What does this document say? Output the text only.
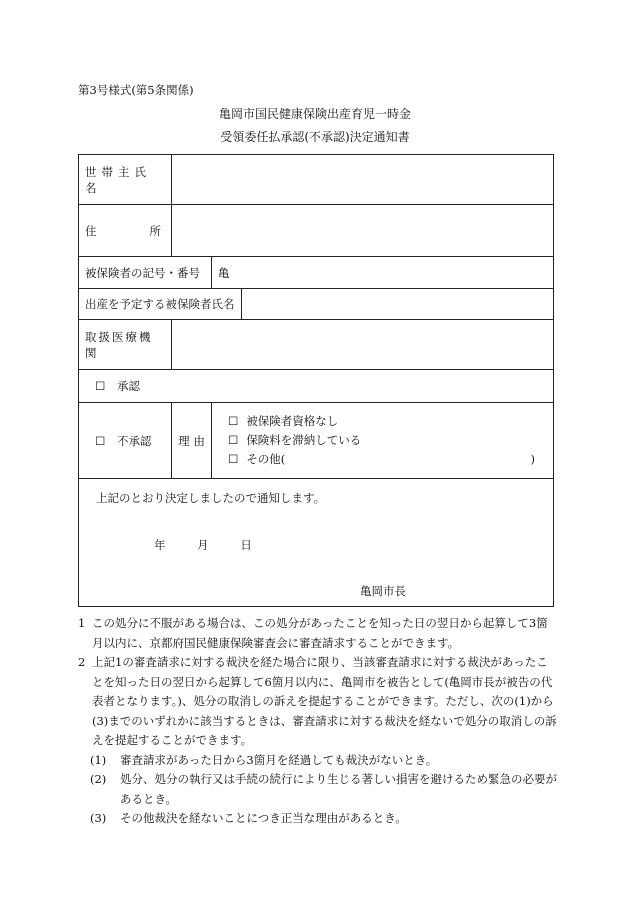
第3号様式(第5条関係)
亀岡市国民健康保険出産育児一時金
受領委任払承認(不承認)決定通知書
世帯主氏名			

住 所			

被保険者の記号・番号		亀	
出産を予定する被保険者氏名			
取扱医療機関			
☐ 承認			
☐ 不承認	理 由	☐ 被保険者資格なし
☐ 保険料を滞納している
☐ その他( )	

上記のとおり決定しましたので通知します。
年	月	日
亀岡市長
1 この処分に不服がある場合は、この処分があったことを知った日の翌日から起算して3箇月以内に、京都府国民健康保険審査会に審査請求することができます。
2 上記1の審査請求に対する裁決を経た場合に限り、当該審査請求に対する裁決があったことを知った日の翌日から起算して6箇月以内に、亀岡市を被告として(亀岡市長が被告の代表者となります。)、処分の取消しの訴えを提起することができます。ただし、次の(1)から(3)までのいずれかに該当するときは、審査請求に対する裁決を経ないで処分の取消しの訴えを提起することができます。
(1)	審査請求があった日から3箇月を経過しても裁決がないとき。
(2)	処分、処分の執行又は手続の続行により生じる著しい損害を避けるため緊急の必要があるとき。
(3)	その他裁決を経ないことにつき正当な理由があるとき。
